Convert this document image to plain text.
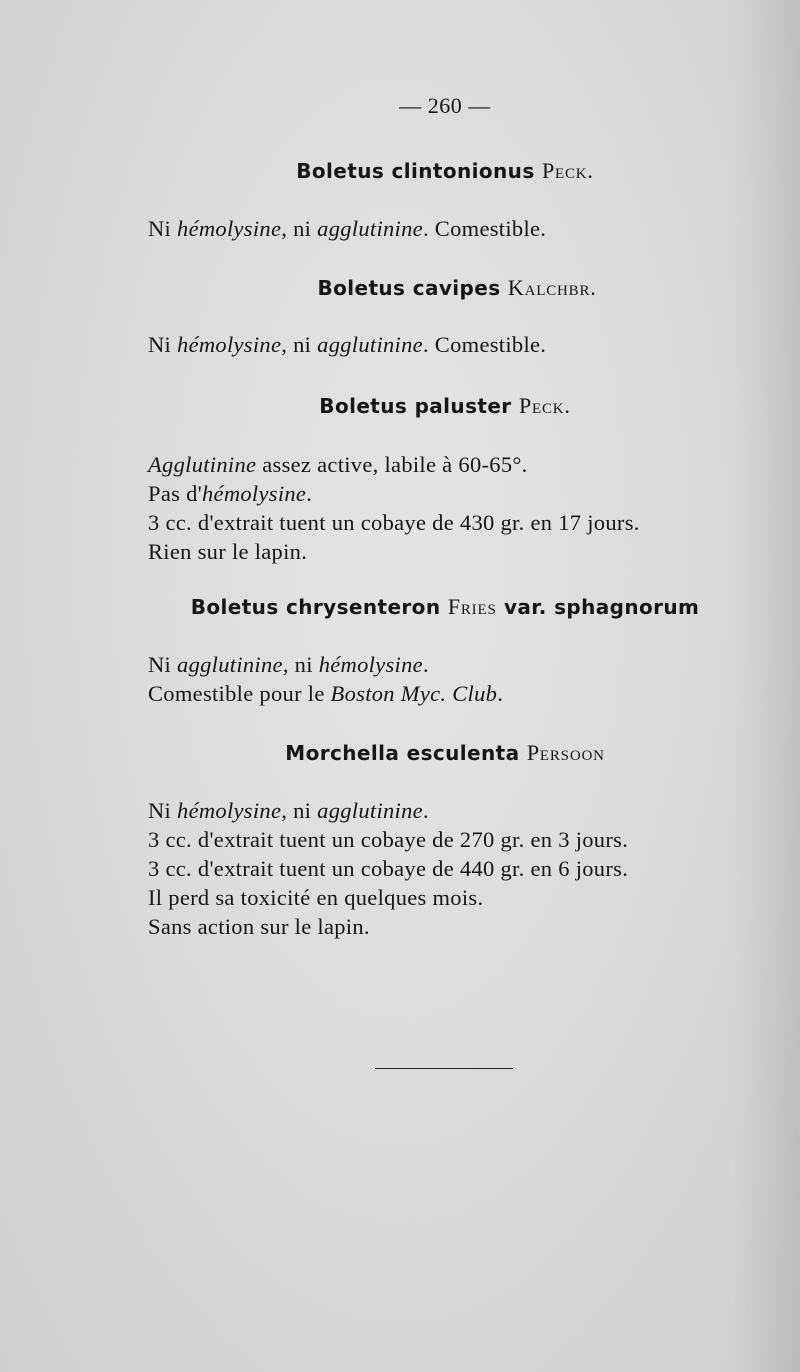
— 260 —
Boletus clintonionus Peck.
Ni hémolysine, ni agglutinine. Comestible.
Boletus cavipes Kalchbr.
Ni hémolysine, ni agglutinine. Comestible.
Boletus paluster Peck.
Agglutinine assez active, labile à 60-65°.
Pas d'hémolysine.
3 cc. d'extrait tuent un cobaye de 430 gr. en 17 jours.
Rien sur le lapin.
Boletus chrysenteron Fries var. sphagnorum
Ni agglutinine, ni hémolysine.
Comestible pour le Boston Myc. Club.
Morchella esculenta Persoon
Ni hémolysine, ni agglutinine.
3 cc. d'extrait tuent un cobaye de 270 gr. en 3 jours.
3 cc. d'extrait tuent un cobaye de 440 gr. en 6 jours.
Il perd sa toxicité en quelques mois.
Sans action sur le lapin.
